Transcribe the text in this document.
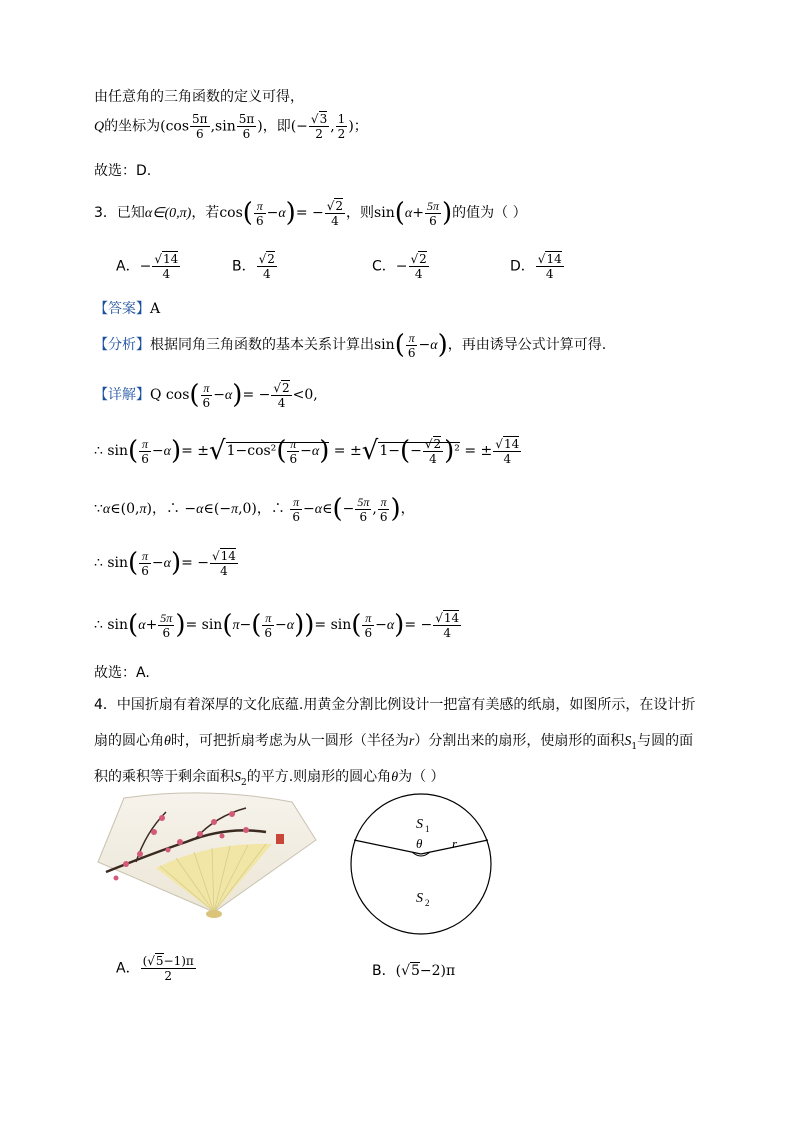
由任意角的三角函数的定义可得，
Q的坐标为($\cos \frac{5\pi}{6} ,\sin \frac{5\pi}{6}$ )，即(− $\frac{√3}{2}$ , $\frac{1}{2}$ )；
故选：D.
3．已知α∈(0,π)，若$\cos( \frac{\pi}{6} -\alpha)= - \frac{√2}{4}$ ，则$\sin(\alpha+ \frac{5\pi}{6}$ )的值为（ ）
A．− $\frac{√14}{4}$	B． $\frac{√2}{4}$	C．− $\frac{√2}{4}$	D． $\frac{√14}{4}$
【答案】A
【分析】根据同角三角函数的基本关系计算出$\sin( \frac{\pi}{6} -\alpha)$，再由诱导公式计算可得.
【详解】Q $\cos( \frac{\pi}{6} -\alpha)= - \frac{√2}{4} <0$,
∴ $\sin( \frac{\pi}{6} -\alpha)= \pm√1-\cos^2( \frac{\pi}{6} -\alpha) = \pm√1-(- \frac{√2}{4} )^2$ = ± $\frac{√14}{4}$
∵α∈(0,π)，∴ −α∈(−π,0)，∴ $\frac{\pi}{6}$ −α∈(− $\frac{5\pi}{6}$ , $\frac{\pi}{6}$ )，
∴ $\sin( \frac{\pi}{6} -\alpha)= - \frac{√14}{4}$
∴ $\sin(\alpha+ \frac{5\pi}{6}$ )= $\sin(\pi-( \frac{\pi}{6} -\alpha))= \sin( \frac{\pi}{6} -\alpha)= - \frac{√14}{4}$
故选：A.
4．中国折扇有着深厚的文化底蕴.用黄金分割比例设计一把富有美感的纸扇，如图所示，在设计折
扇的圆心角θ时，可把折扇考虑为从一圆形（半径为r）分割出来的扇形，使扇形的面积$S_1$与圆的面
积的乘积等于剩余面积$S_2$的平方.则扇形的圆心角θ为（ ）
S 1
θ r
S 2
A． $\frac{(√5-1)\pi}{2}$	B．(√5−2)π
